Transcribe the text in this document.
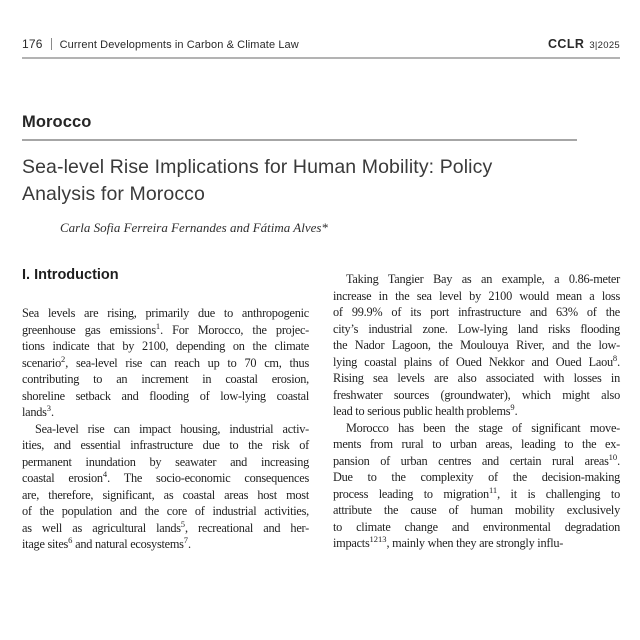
176 Current Developments in Carbon & Climate Law	CCLR 3|2025
Morocco
Sea-level Rise Implications for Human Mobility: Policy Analysis for Morocco
Carla Sofia Ferreira Fernandes and Fátima Alves*
I. Introduction
Sea levels are rising, primarily due to anthropogenic
greenhouse gas emissions$^1$. For Morocco, the projec-
tions indicate that by 2100, depending on the climate
scenario$^2$, sea-level rise can reach up to 70 cm, thus
contributing to an increment in coastal erosion,
shoreline setback and flooding of low-lying coastal
lands$^3$.
Sea-level rise can impact housing, industrial activ-
ities, and essential infrastructure due to the risk of
permanent inundation by seawater and increasing
coastal erosion$^4$. The socio-economic consequences
are, therefore, significant, as coastal areas host most
of the population and the core of industrial activities,
as well as agricultural lands$^5$, recreational and her-
itage sites$^6$ and natural ecosystems$^7$.
Taking Tangier Bay as an example, a 0.86-meter
increase in the sea level by 2100 would mean a loss
of 99.9% of its port infrastructure and 63% of the
city’s industrial zone. Low-lying land risks flooding
the Nador Lagoon, the Moulouya River, and the low-
lying coastal plains of Oued Nekkor and Oued Laou$^8$.
Rising sea levels are also associated with losses in
freshwater sources (groundwater), which might also
lead to serious public health problems$^9$.
Morocco has been the stage of significant move-
ments from rural to urban areas, leading to the ex-
pansion of urban centres and certain rural areas$^{10}$.
Due to the complexity of the decision-making
process leading to migration$^{11}$, it is challenging to
attribute the cause of human mobility exclusively
to climate change and environmental degradation
impacts$^{1213}$, mainly when they are strongly influ-
